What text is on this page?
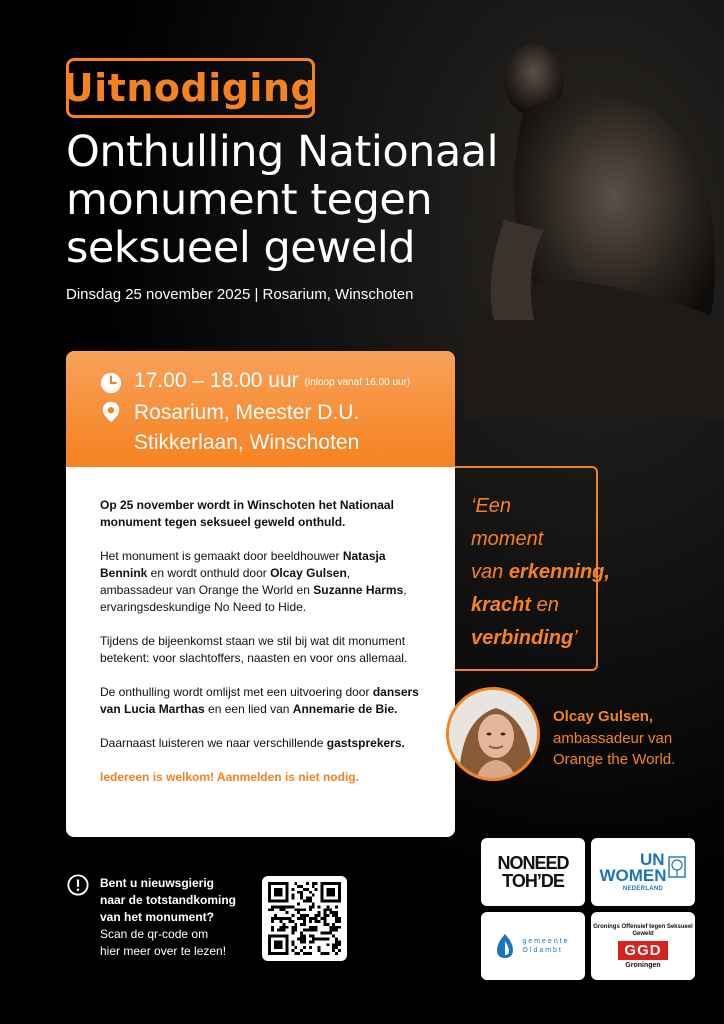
Uitnodiging
Onthulling Nationaal
monument tegen
seksueel geweld
Dinsdag 25 november 2025 | Rosarium, Winschoten
17.00 – 18.00 uur (inloop vanaf 16.00 uur)
Rosarium, Meester D.U.
Stikkerlaan, Winschoten

Op 25 november wordt in Winschoten het Nationaal monument tegen seksueel geweld onthuld.

Het monument is gemaakt door beeldhouwer Natasja Bennink en wordt onthuld door Olcay Gulsen, ambassadeur van Orange the World en Suzanne Harms, ervaringsdeskundige No Need to Hide.

Tijdens de bijeenkomst staan we stil bij wat dit monument betekent: voor slachtoffers, naasten en voor ons allemaal.

De onthulling wordt omlijst met een uitvoering door dansers van Lucia Marthas en een lied van Annemarie de Bie.

Daarnaast luisteren we naar verschillende gastsprekers.

Iedereen is welkom! Aanmelden is niet nodig.

‘Een
moment
van erkenning,
kracht en
verbinding’
Olcay Gulsen,
ambassadeur van Orange the World.
Bent u nieuwsgierig
naar de totstandkoming
van het monument?
Scan de qr-code om
hier meer over te lezen!
NONEED
TOH’DE
UN
WOMEN
NEDERLAND
gemeente
Oldambt
Gronings Offensief tegen Seksueel Geweld
GGD
Groningen
